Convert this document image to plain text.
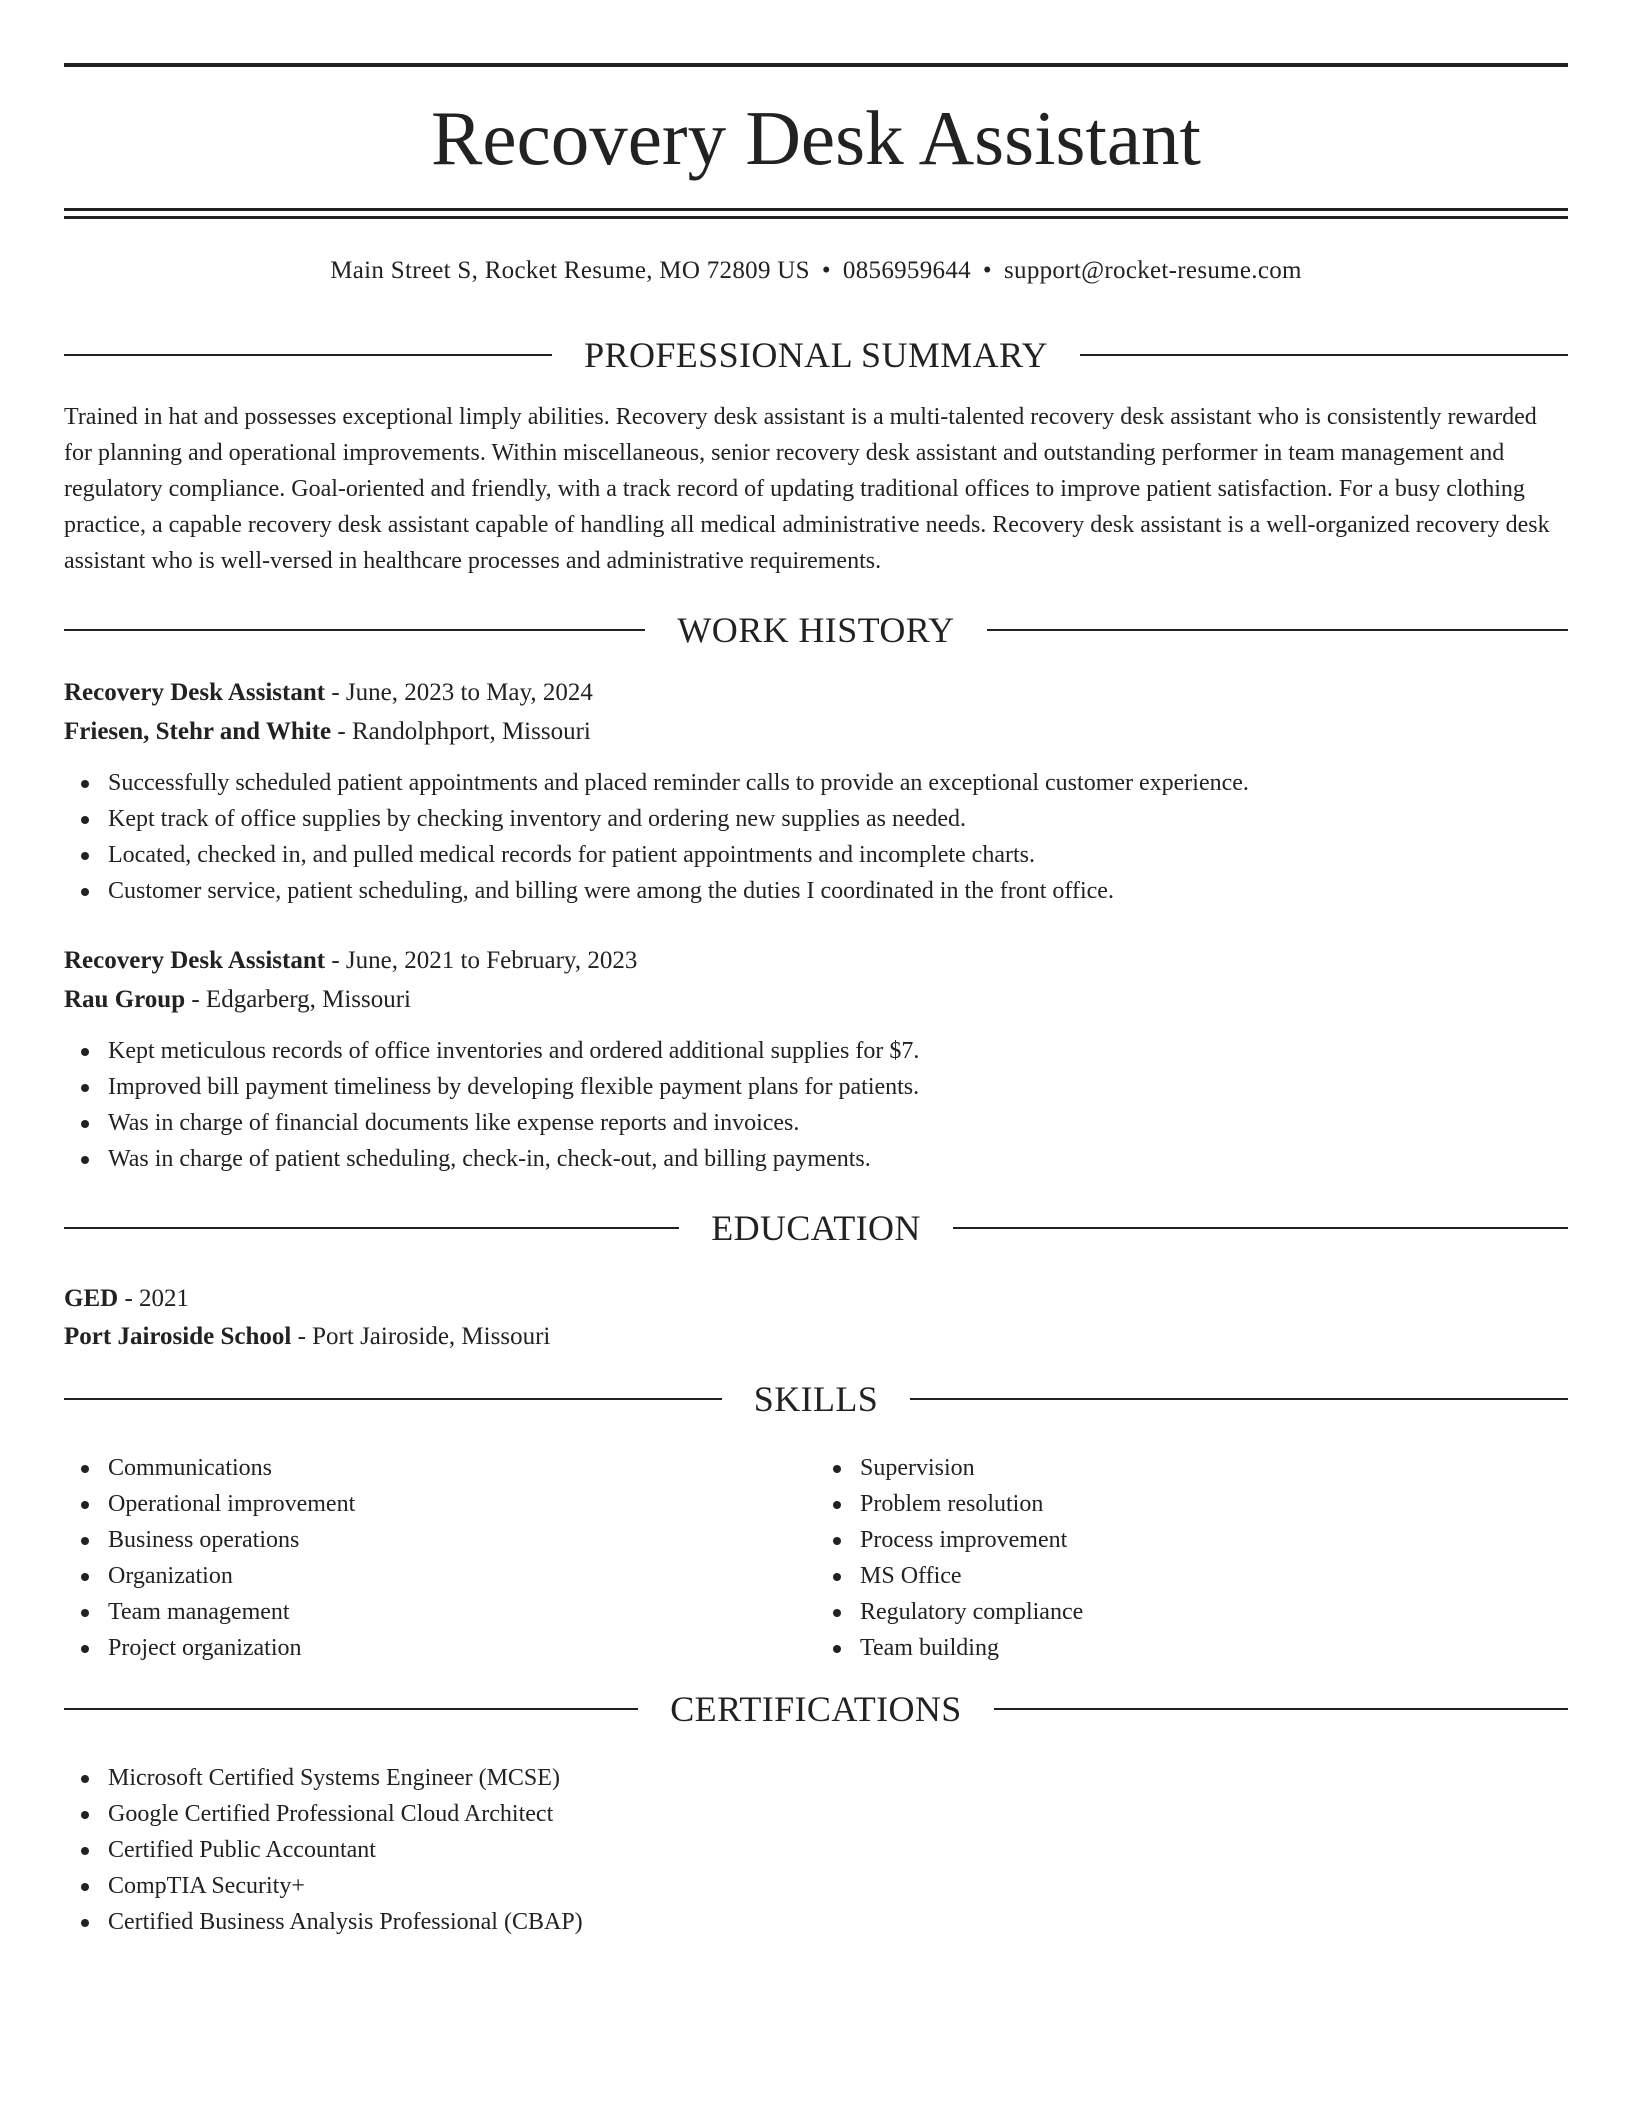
Recovery Desk Assistant
Main Street S, Rocket Resume, MO 72809 US • 0856959644 • support@rocket-resume.com
PROFESSIONAL SUMMARY

Trained in hat and possesses exceptional limply abilities. Recovery desk assistant is a multi-talented recovery desk assistant who is consistently rewarded for planning and operational improvements. Within miscellaneous, senior recovery desk assistant and outstanding performer in team management and regulatory compliance. Goal-oriented and friendly, with a track record of updating traditional offices to improve patient satisfaction. For a busy clothing practice, a capable recovery desk assistant capable of handling all medical administrative needs. Recovery desk assistant is a well-organized recovery desk assistant who is well-versed in healthcare processes and administrative requirements.

WORK HISTORY
Recovery Desk Assistant - June, 2023 to May, 2024
Friesen, Stehr and White - Randolphport, Missouri
Successfully scheduled patient appointments and placed reminder calls to provide an exceptional customer experience.
Kept track of office supplies by checking inventory and ordering new supplies as needed.
Located, checked in, and pulled medical records for patient appointments and incomplete charts.
Customer service, patient scheduling, and billing were among the duties I coordinated in the front office.
Recovery Desk Assistant - June, 2021 to February, 2023
Rau Group - Edgarberg, Missouri
Kept meticulous records of office inventories and ordered additional supplies for $7.
Improved bill payment timeliness by developing flexible payment plans for patients.
Was in charge of financial documents like expense reports and invoices.
Was in charge of patient scheduling, check-in, check-out, and billing payments.
EDUCATION
GED - 2021
Port Jairoside School - Port Jairoside, Missouri
SKILLS
Communications
Operational improvement
Business operations
Organization
Team management
Project organization
Supervision
Problem resolution
Process improvement
MS Office
Regulatory compliance
Team building
CERTIFICATIONS
Microsoft Certified Systems Engineer (MCSE)
Google Certified Professional Cloud Architect
Certified Public Accountant
CompTIA Security+
Certified Business Analysis Professional (CBAP)
